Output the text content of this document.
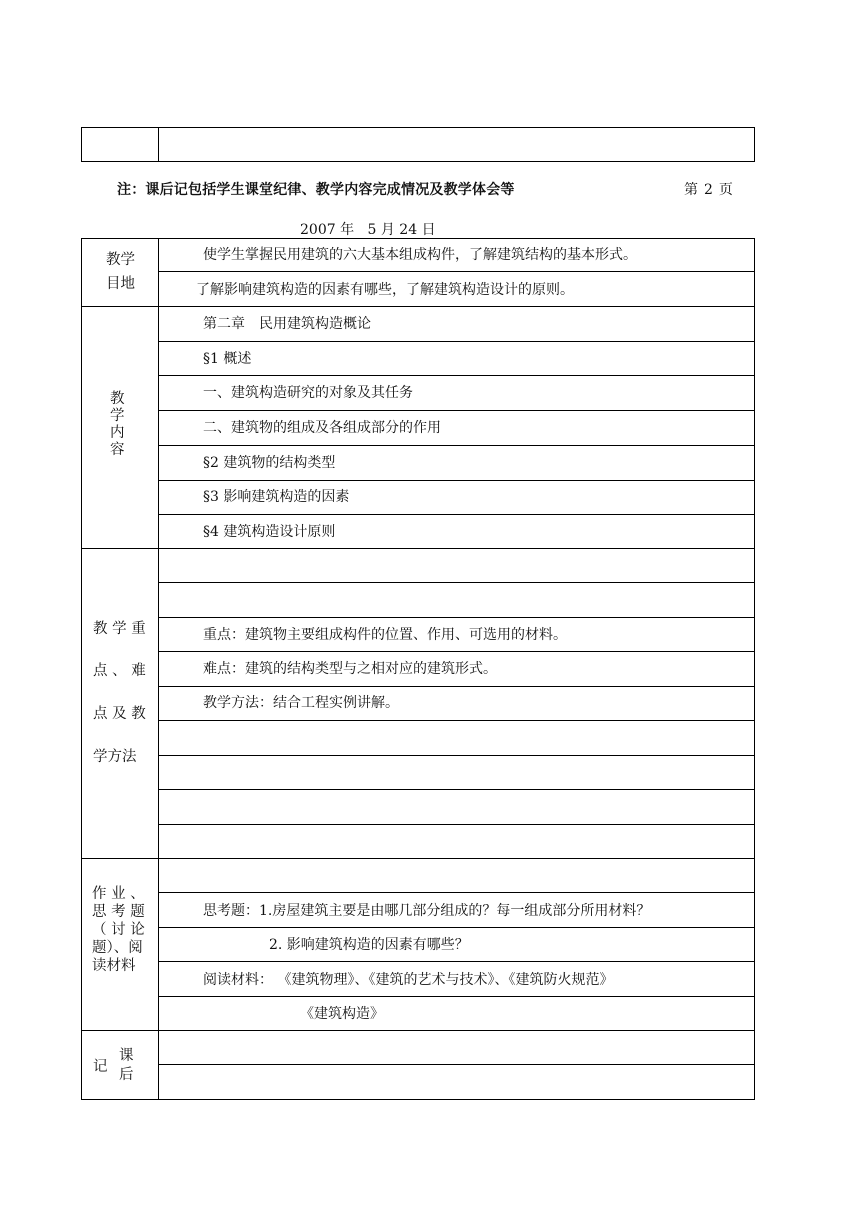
注：课后记包括学生课堂纪律、教学内容完成情况及教学体会等	第 2 页
2007 年 5 月 24 日
教学
目地
使学生掌握民用建筑的六大基本组成构件，了解建筑结构的基本形式。
了解影响建筑构造的因素有哪些，了解建筑构造设计的原则。
教
学
内
容
第二章　民用建筑构造概论
§1 概述
一、建筑构造研究的对象及其任务
二、建筑物的组成及各组成部分的作用
§2 建筑物的结构类型
§3 影响建筑构造的因素
§4 建筑构造设计原则
教 学 重
点 、 难
点 及 教
学方法
重点：建筑物主要组成构件的位置、作用、可选用的材料。
难点：建筑的结构类型与之相对应的建筑形式。
教学方法：结合工程实例讲解。
作 业 、
思 考 题
（ 讨 论
题）、阅
读材料
思考题：1.房屋建筑主要是由哪几部分组成的？每一组成部分所用材料？
2. 影响建筑构造的因素有哪些？
阅读材料： 《建筑物理》、《建筑的艺术与技术》、《建筑防火规范》
《建筑构造》
记
课
后
